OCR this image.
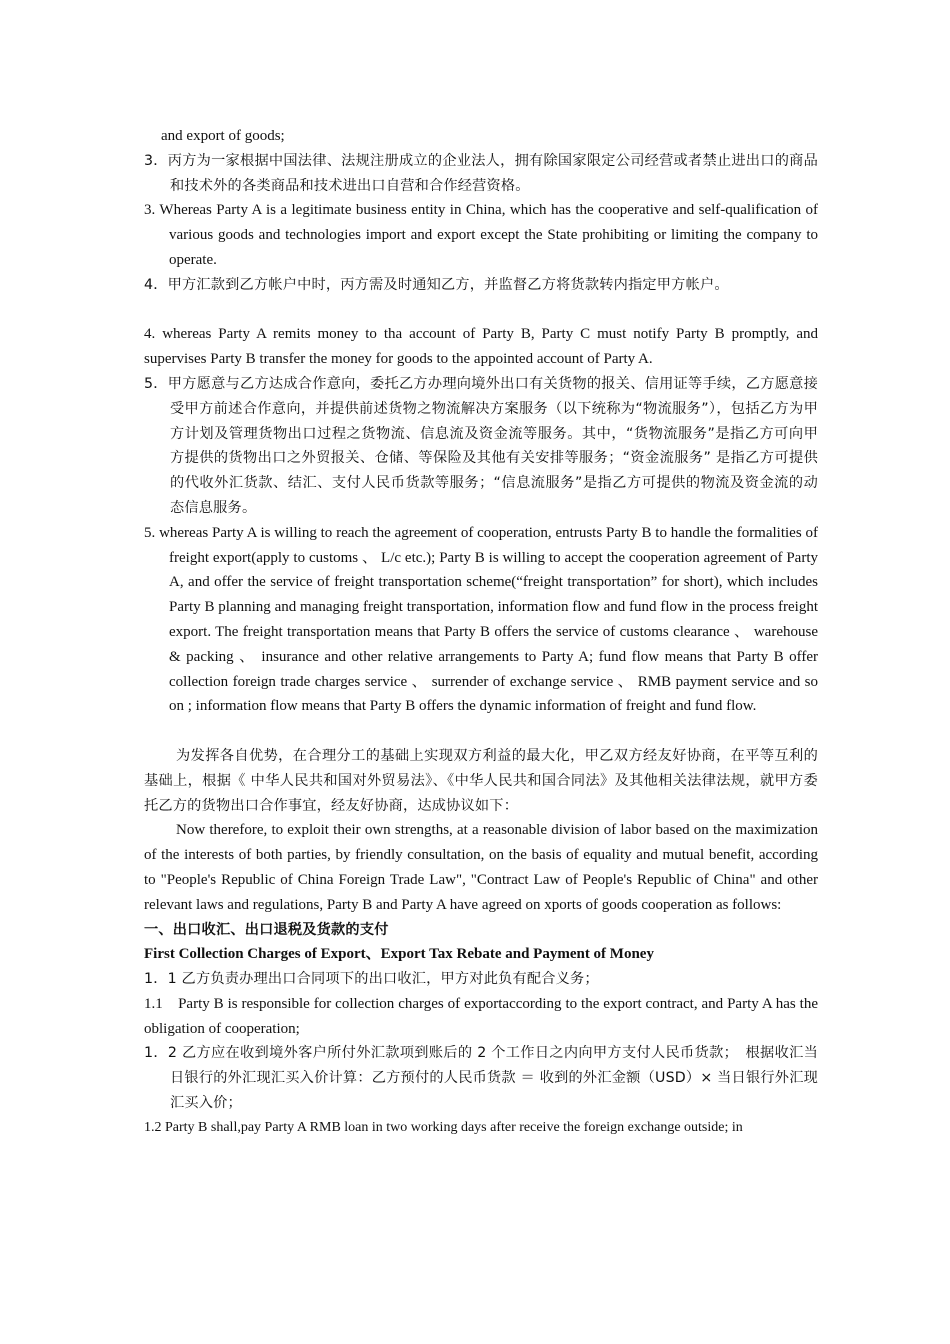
and export of goods;

3．丙方为一家根据中国法律、法规注册成立的企业法人，拥有除国家限定公司经营或者禁止进出口的商品和技术外的各类商品和技术进出口自营和合作经营资格。

3. Whereas Party A is a legitimate business entity in China, which has the cooperative and self-qualification of various goods and technologies import and export except the State prohibiting or limiting the company to operate.

4．甲方汇款到乙方帐户中时，丙方需及时通知乙方，并监督乙方将货款转内指定甲方帐户。

4. whereas Party A remits money to tha account of Party B, Party C must notify Party B promptly, and supervises Party B transfer the money for goods to the appointed account of Party A.

5．甲方愿意与乙方达成合作意向，委托乙方办理向境外出口有关货物的报关、信用证等手续，乙方愿意接受甲方前述合作意向，并提供前述货物之物流解决方案服务（以下统称为“物流服务”），包括乙方为甲方计划及管理货物出口过程之货物流、信息流及资金流等服务。其中，“货物流服务”是指乙方可向甲方提供的货物出口之外贸报关、仓储、等保险及其他有关安排等服务；“资金流服务” 是指乙方可提供的代收外汇货款、结汇、支付人民币货款等服务；“信息流服务”是指乙方可提供的物流及资金流的动态信息服务。

5. whereas Party A is willing to reach the agreement of cooperation, entrusts Party B to handle the formalities of freight export(apply to customs 、 L/c etc.); Party B is willing to accept the cooperation agreement of Party A, and offer the service of freight transportation scheme(“freight transportation” for short), which includes Party B planning and managing freight transportation, information flow and fund flow in the process freight export. The freight transportation means that Party B offers the service of customs clearance 、 warehouse & packing 、 insurance and other relative arrangements to Party A; fund flow means that Party B offer collection foreign trade charges service 、 surrender of exchange service 、 RMB payment service and so on ; information flow means that Party B offers the dynamic information of freight and fund flow.

为发挥各自优势，在合理分工的基础上实现双方利益的最大化，甲乙双方经友好协商，在平等互利的基础上，根据《 中华人民共和国对外贸易法》、《中华人民共和国合同法》及其他相关法律法规，就甲方委托乙方的货物出口合作事宜，经友好协商，达成协议如下：

Now therefore, to exploit their own strengths, at a reasonable division of labor based on the maximization of the interests of both parties, by friendly consultation, on the basis of equality and mutual benefit, according to "People's Republic of China Foreign Trade Law", "Contract Law of People's Republic of China" and other relevant laws and regulations, Party B and Party A have agreed on xports of goods cooperation as follows:

一、出口收汇、出口退税及货款的支付

First Collection Charges of Export、Export Tax Rebate and Payment of Money

1．1 乙方负责办理出口合同项下的出口收汇，甲方对此负有配合义务；

1.1　Party B is responsible for collection charges of exportaccording to the export contract, and Party A has the obligation of cooperation;

1．2 乙方应在收到境外客户所付外汇款项到账后的 2 个工作日之内向甲方支付人民币货款；　根据收汇当日银行的外汇现汇买入价计算：乙方预付的人民币货款 ＝ 收到的外汇金额（USD）× 当日银行外汇现汇买入价；

1.2 Party B shall,pay Party A RMB loan in two working days after receive the foreign exchange outside; in
